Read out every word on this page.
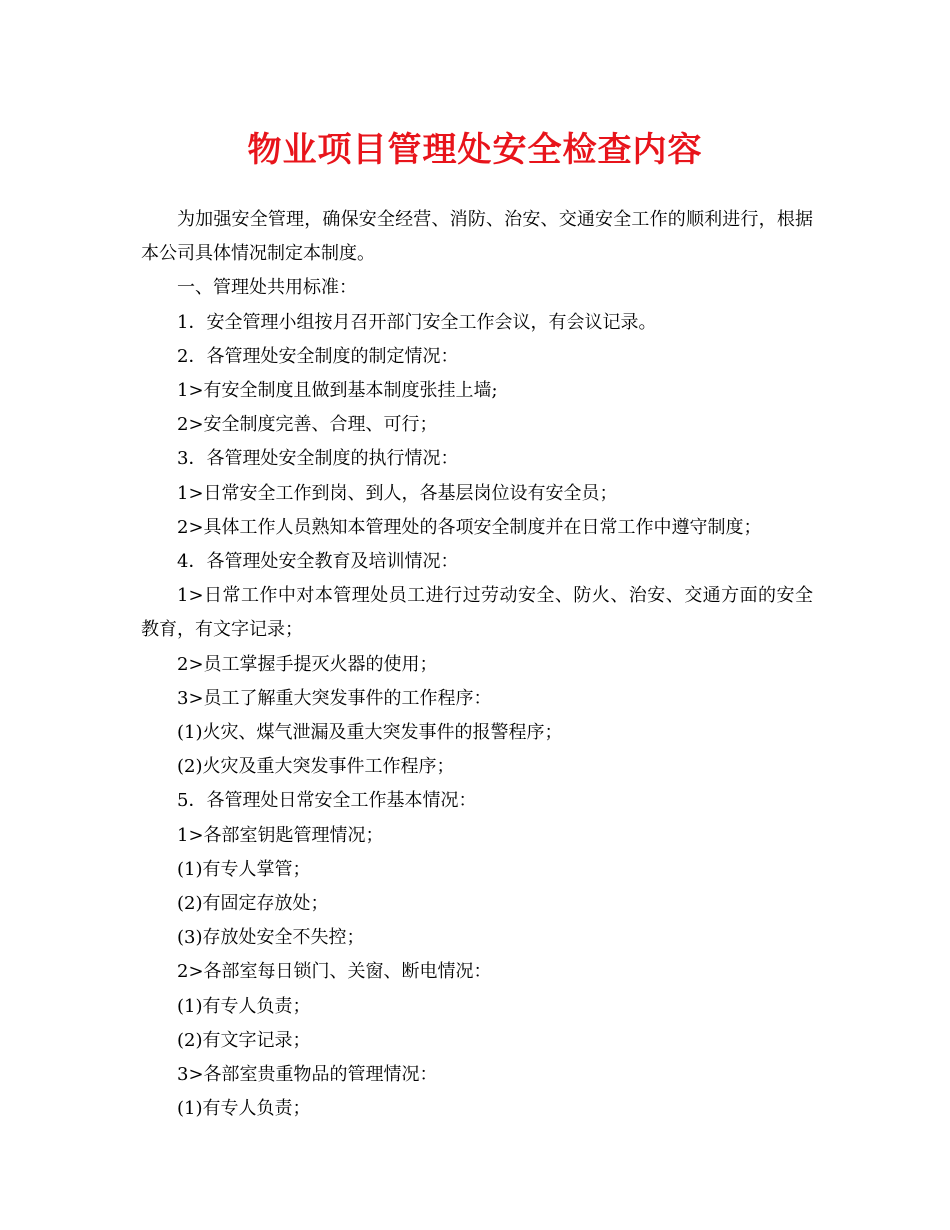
物业项目管理处安全检查内容

为加强安全管理，确保安全经营、消防、治安、交通安全工作的顺利进行，根据本公司具体情况制定本制度。

一、管理处共用标准：

1．安全管理小组按月召开部门安全工作会议，有会议记录。

2．各管理处安全制度的制定情况：

1>有安全制度且做到基本制度张挂上墙;

2>安全制度完善、合理、可行；

3．各管理处安全制度的执行情况：

1>日常安全工作到岗、到人，各基层岗位设有安全员；

2>具体工作人员熟知本管理处的各项安全制度并在日常工作中遵守制度；

4．各管理处安全教育及培训情况：

1>日常工作中对本管理处员工进行过劳动安全、防火、治安、交通方面的安全教育，有文字记录；

2>员工掌握手提灭火器的使用；

3>员工了解重大突发事件的工作程序：

(1)火灾、煤气泄漏及重大突发事件的报警程序；

(2)火灾及重大突发事件工作程序；

5．各管理处日常安全工作基本情况：

1>各部室钥匙管理情况；

(1)有专人掌管；

(2)有固定存放处；

(3)存放处安全不失控；

2>各部室每日锁门、关窗、断电情况：

(1)有专人负责；

(2)有文字记录；

3>各部室贵重物品的管理情况：

(1)有专人负责；
